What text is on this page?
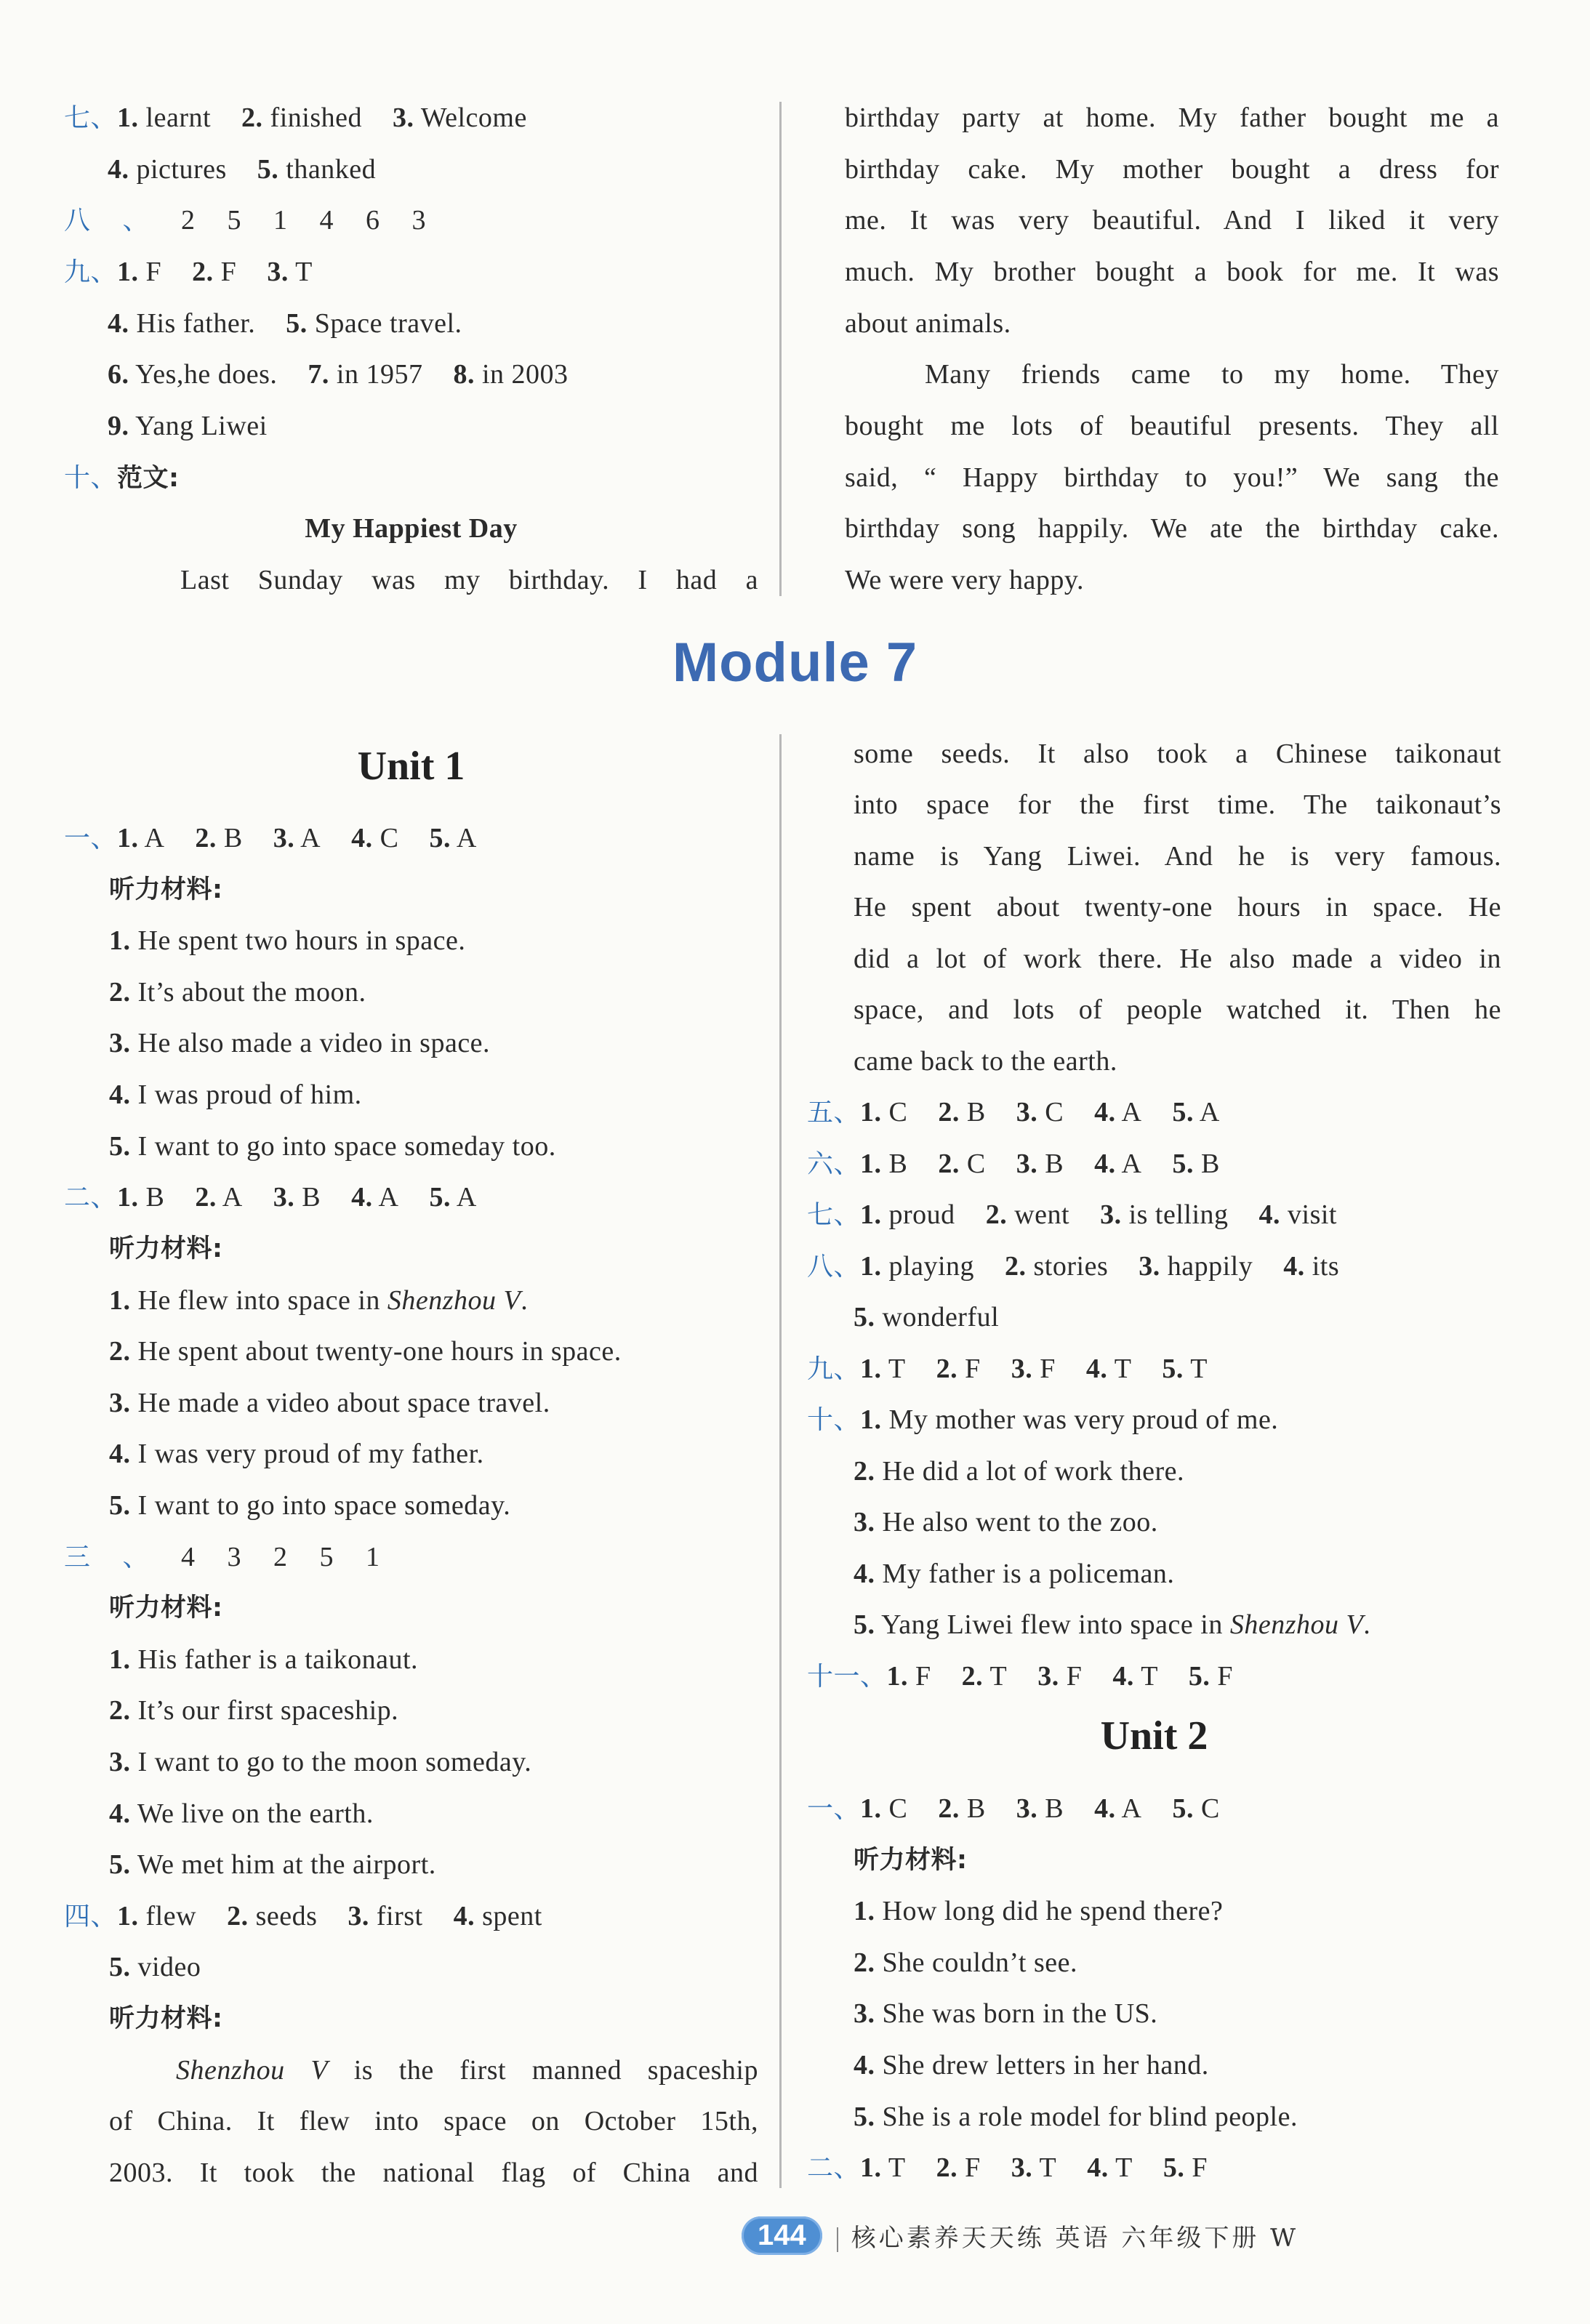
七、1. learnt 2. finished 3. Welcome
4. pictures 5. thanked
八 、 2 5 1 4 6 3
九、1. F 2. F 3. T
4. His father. 5. Space travel.
6. Yes,he does. 7. in 1957 8. in 2003
9. Yang Liwei
十、范文:
My Happiest Day
Last Sunday was my birthday. I had a
birthday party at home. My father bought me a
birthday cake. My mother bought a dress for
me. It was very beautiful. And I liked it very
much. My brother bought a book for me. It was
about animals.
Many friends came to my home. They
bought me lots of beautiful presents. They all
said, “ Happy birthday to you!” We sang the
birthday song happily. We ate the birthday cake.
We were very happy.
Module 7
Unit 1
一、1. A 2. B 3. A 4. C 5. A
听力材料:
1. He spent two hours in space.
2. It’s about the moon.
3. He also made a video in space.
4. I was proud of him.
5. I want to go into space someday too.
二、1. B 2. A 3. B 4. A 5. A
听力材料:
1. He flew into space in Shenzhou V.
2. He spent about twenty-one hours in space.
3. He made a video about space travel.
4. I was very proud of my father.
5. I want to go into space someday.
三 、 4 3 2 5 1
听力材料:
1. His father is a taikonaut.
2. It’s our first spaceship.
3. I want to go to the moon someday.
4. We live on the earth.
5. We met him at the airport.
四、1. flew 2. seeds 3. first 4. spent
5. video
听力材料:
Shenzhou V is the first manned spaceship
of China. It flew into space on October 15th,
2003. It took the national flag of China and
some seeds. It also took a Chinese taikonaut
into space for the first time. The taikonaut’s
name is Yang Liwei. And he is very famous.
He spent about twenty-one hours in space. He
did a lot of work there. He also made a video in
space, and lots of people watched it. Then he
came back to the earth.
五、1. C 2. B 3. C 4. A 5. A
六、1. B 2. C 3. B 4. A 5. B
七、1. proud 2. went 3. is telling 4. visit
八、1. playing 2. stories 3. happily 4. its
5. wonderful
九、1. T 2. F 3. F 4. T 5. T
十、1. My mother was very proud of me.
2. He did a lot of work there.
3. He also went to the zoo.
4. My father is a policeman.
5. Yang Liwei flew into space in Shenzhou V.
十一、1. F 2. T 3. F 4. T 5. F
Unit 2
一、1. C 2. B 3. B 4. A 5. C
听力材料:
1. How long did he spend there?
2. She couldn’t see.
3. She was born in the US.
4. She drew letters in her hand.
5. She is a role model for blind people.
二、1. T 2. F 3. T 4. T 5. F
144	核心素养天天练 英语 六年级下册 W
